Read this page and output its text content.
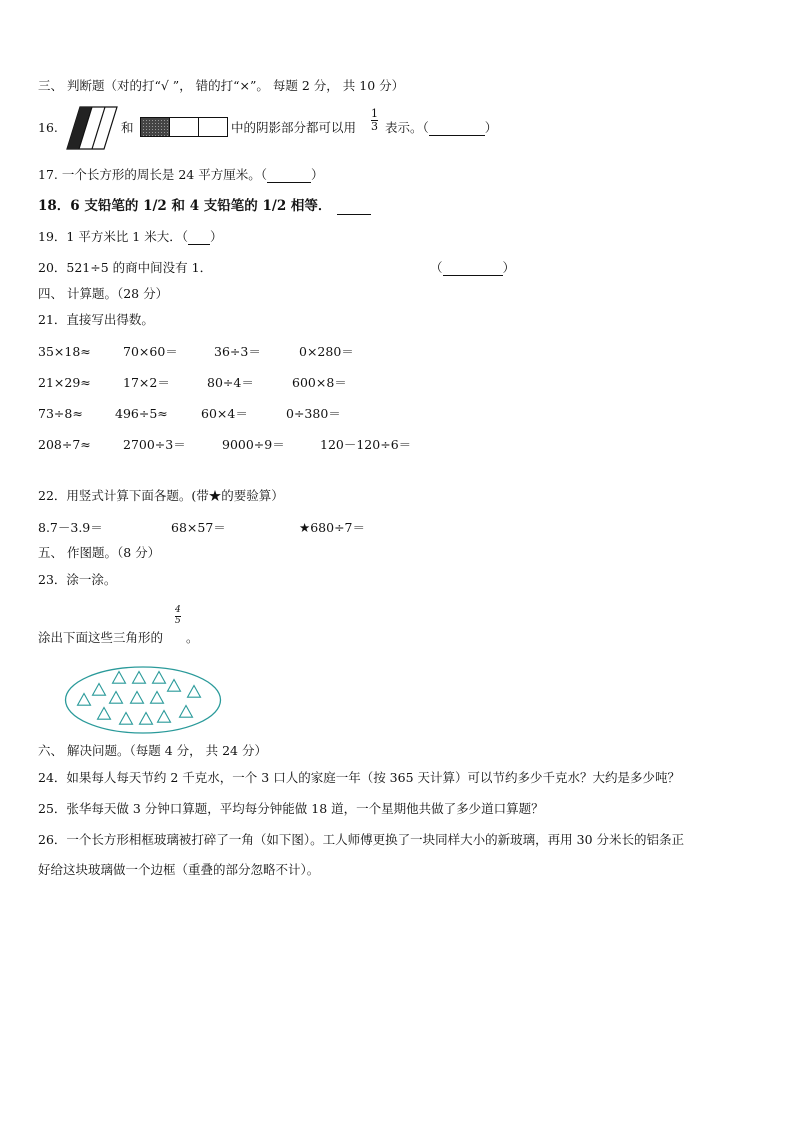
三、 判断题（对的打“√ ”， 错的打“×”。 每题 2 分， 共 10 分）
16.	和	中的阴影部分都可以用 $\frac{1}{3}$ 表示。（	）
17. 一个长方形的周长是 24 平方厘米。（	）
18．6 支铅笔的 1/2 和 4 支铅笔的 1/2 相等．
19．1 平方米比 1 米大．（ ）
20．521÷5 的商中间没有 1．	（	）
四、 计算题。（28 分）
21．直接写出得数。
35×18≈	70×60＝	36÷3＝	0×280＝
21×29≈	17×2＝	80÷4＝	600×8＝
73÷8≈	496÷5≈	60×4＝	0÷380＝
208÷7≈	2700÷3＝	9000÷9＝	120－120÷6＝
22．用竖式计算下面各题。(带★的要验算）
8.7－3.9＝	68×57＝	★680÷7＝
五、 作图题。（8 分）
23．涂一涂。
涂出下面这些三角形的
$\frac{4}{5}$
。
六、 解决问题。（每题 4 分， 共 24 分）
24．如果每人每天节约 2 千克水，一个 3 口人的家庭一年（按 365 天计算）可以节约多少千克水？大约是多少吨？
25．张华每天做 3 分钟口算题，平均每分钟能做 18 道，一个星期他共做了多少道口算题？
26．一个长方形相框玻璃被打碎了一角（如下图）。工人师傅更换了一块同样大小的新玻璃，再用 30 分米长的铝条正
好给这块玻璃做一个边框（重叠的部分忽略不计）。
